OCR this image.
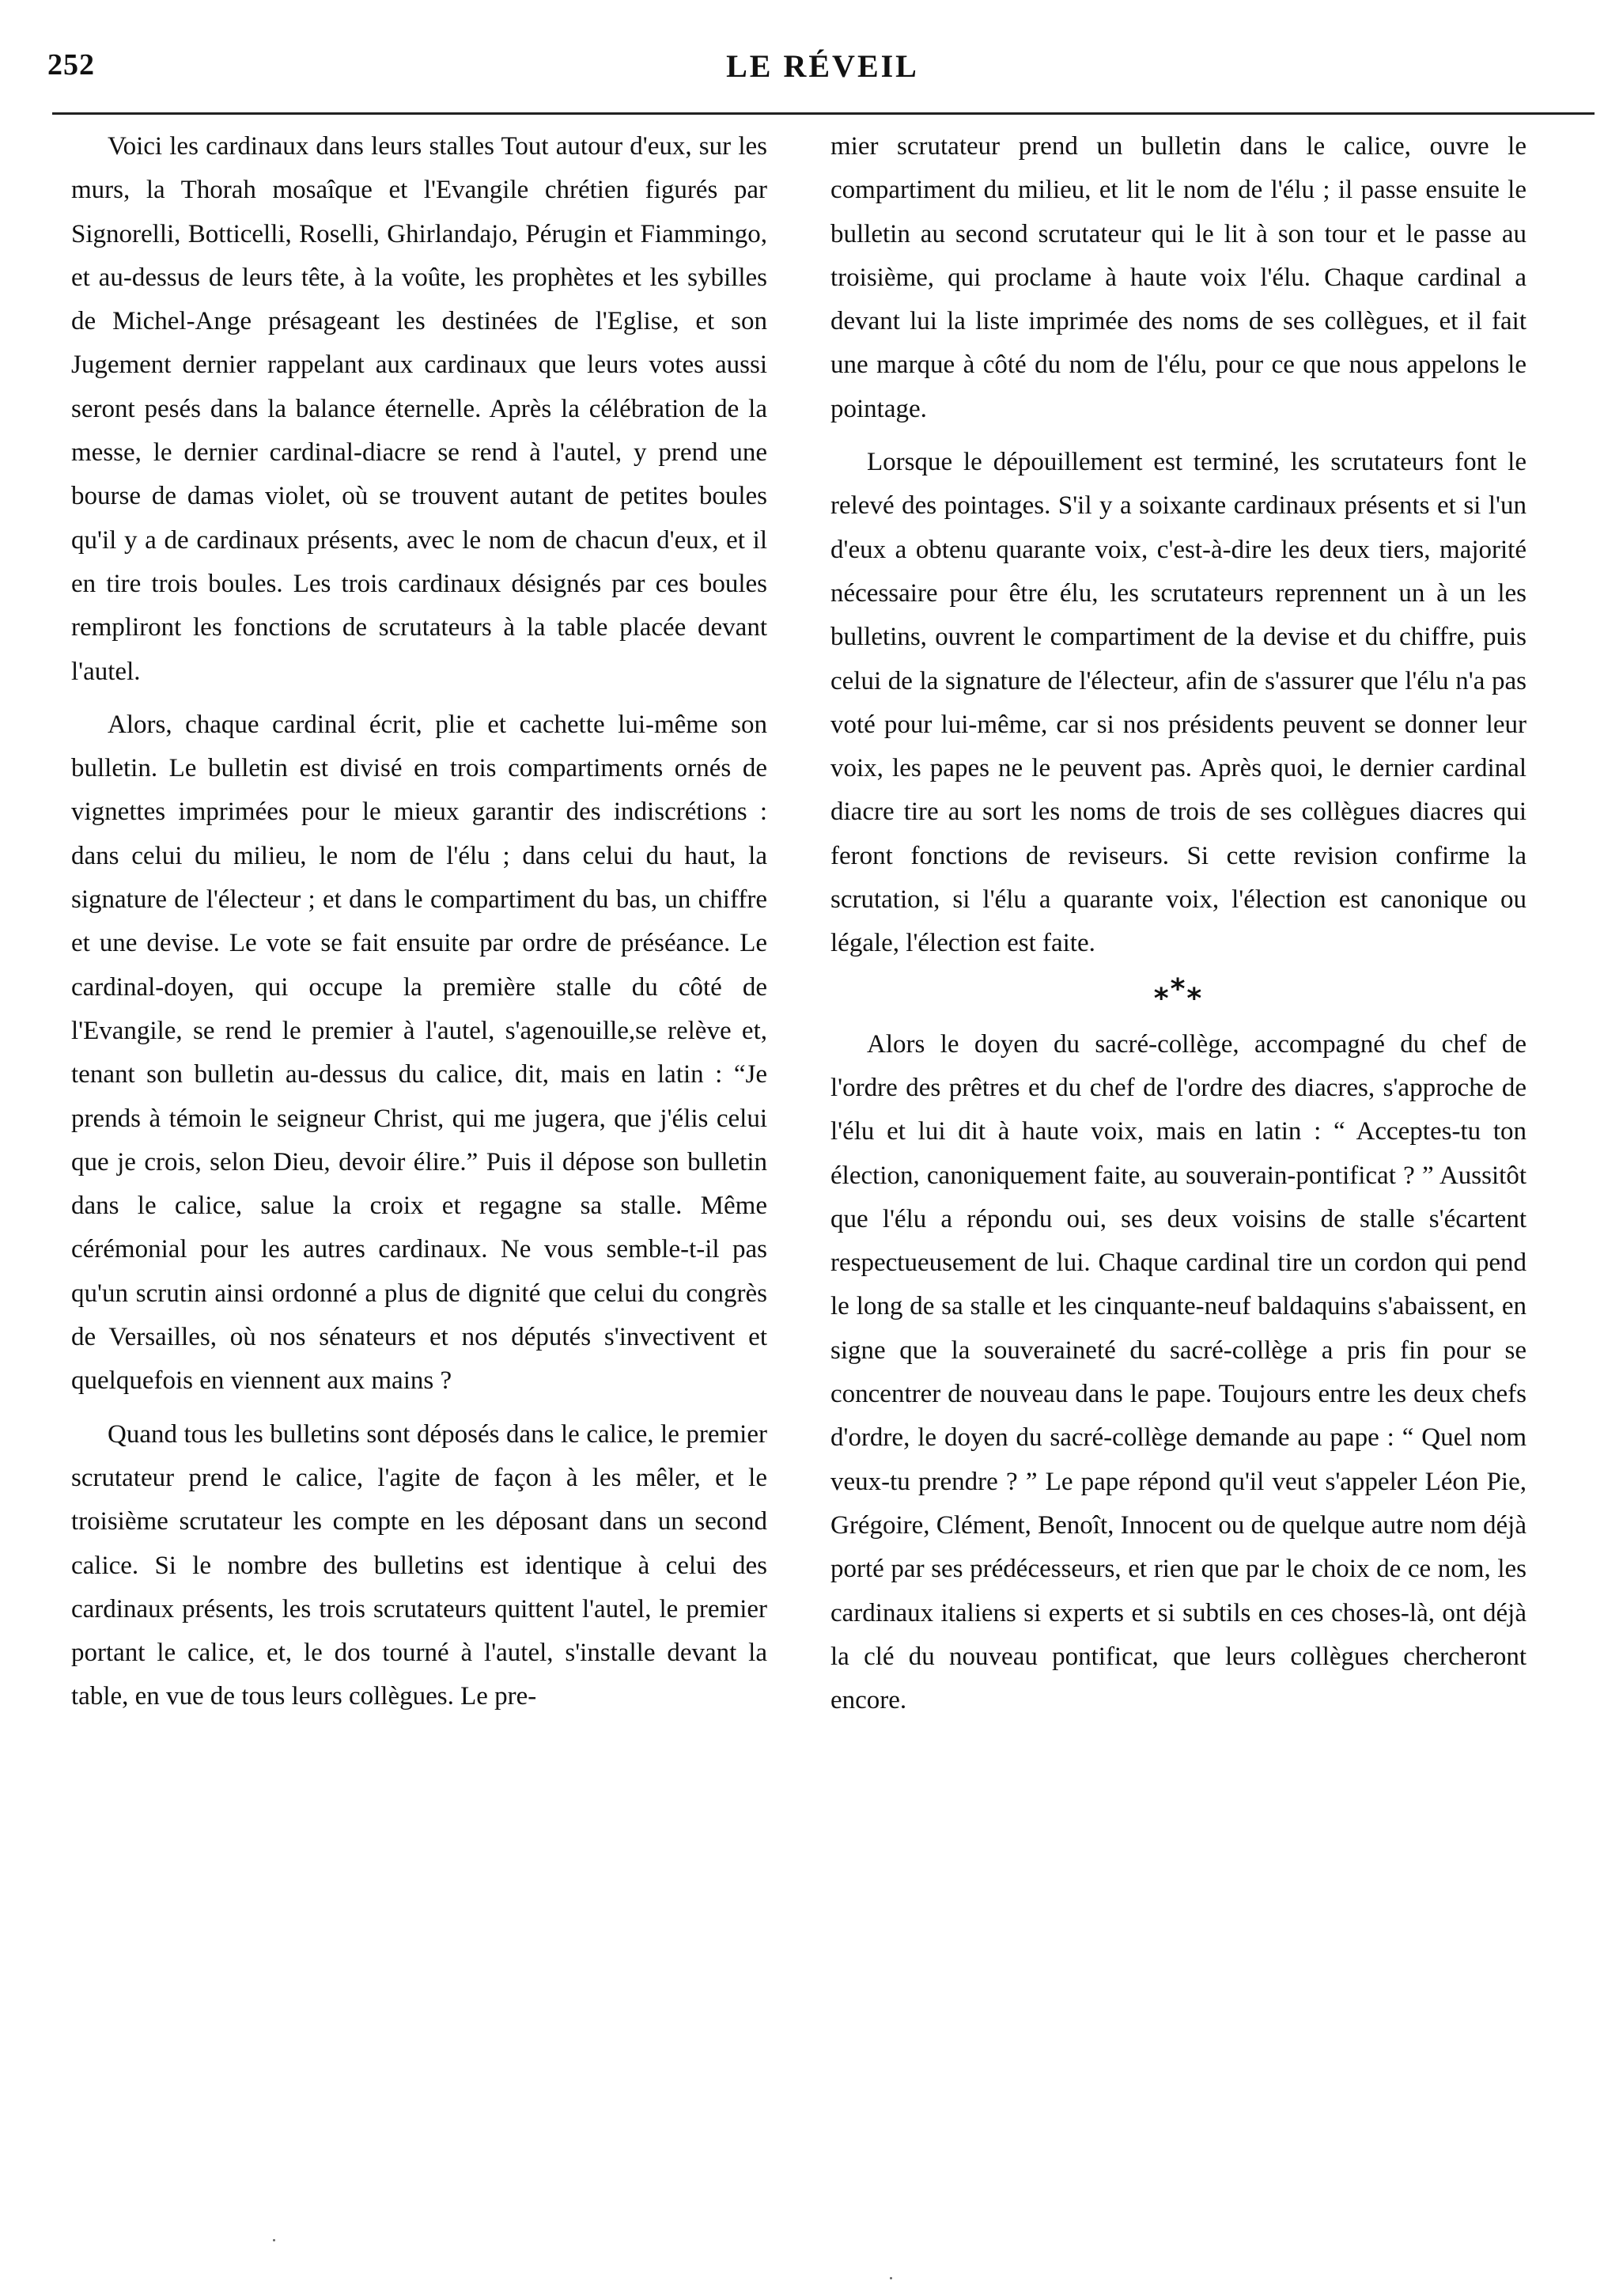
252	LE RÉVEIL

Voici les cardinaux dans leurs stalles Tout autour d'eux, sur les murs, la Thorah mosaîque et l'Evangile chrétien figurés par Signorelli, Botticelli, Roselli, Ghirlandajo, Pérugin et Fiammingo, et au-dessus de leurs tête, à la voûte, les prophètes et les sybilles de Michel-Ange présageant les destinées de l'Eglise, et son Jugement dernier rappelant aux cardinaux que leurs votes aussi seront pesés dans la balance éternelle. Après la célébration de la messe, le dernier cardinal-diacre se rend à l'autel, y prend une bourse de damas violet, où se trouvent autant de petites boules qu'il y a de cardinaux présents, avec le nom de chacun d'eux, et il en tire trois boules. Les trois cardinaux désignés par ces boules rempliront les fonctions de scrutateurs à la table placée devant l'autel.

Alors, chaque cardinal écrit, plie et cachette lui-même son bulletin. Le bulletin est divisé en trois compartiments ornés de vignettes imprimées pour le mieux garantir des indiscrétions : dans celui du milieu, le nom de l'élu ; dans celui du haut, la signature de l'électeur ; et dans le compartiment du bas, un chiffre et une devise. Le vote se fait ensuite par ordre de préséance. Le cardinal-doyen, qui occupe la première stalle du côté de l'Evangile, se rend le premier à l'autel, s'agenouille,se relève et, tenant son bulletin au-dessus du calice, dit, mais en latin : “Je prends à témoin le seigneur Christ, qui me jugera, que j'élis celui que je crois, selon Dieu, devoir élire.” Puis il dépose son bulletin dans le calice, salue la croix et regagne sa stalle. Même cérémonial pour les autres cardinaux. Ne vous semble-t-il pas qu'un scrutin ainsi ordonné a plus de dignité que celui du congrès de Versailles, où nos sénateurs et nos députés s'invectivent et quelquefois en viennent aux mains ?

Quand tous les bulletins sont déposés dans le calice, le premier scrutateur prend le calice, l'agite de façon à les mêler, et le troisième scrutateur les compte en les déposant dans un second calice. Si le nombre des bulletins est identique à celui des cardinaux présents, les trois scrutateurs quittent l'autel, le premier portant le calice, et, le dos tourné à l'autel, s'installe devant la table, en vue de tous leurs collègues. Le pre-

mier scrutateur prend un bulletin dans le calice, ouvre le compartiment du milieu, et lit le nom de l'élu ; il passe ensuite le bulletin au second scrutateur qui le lit à son tour et le passe au troisième, qui proclame à haute voix l'élu. Chaque cardinal a devant lui la liste imprimée des noms de ses collègues, et il fait une marque à côté du nom de l'élu, pour ce que nous appelons le pointage.

Lorsque le dépouillement est terminé, les scrutateurs font le relevé des pointages. S'il y a soixante cardinaux présents et si l'un d'eux a obtenu quarante voix, c'est-à-dire les deux tiers, majorité nécessaire pour être élu, les scrutateurs reprennent un à un les bulletins, ouvrent le compartiment de la devise et du chiffre, puis celui de la signature de l'électeur, afin de s'assurer que l'élu n'a pas voté pour lui-même, car si nos présidents peuvent se donner leur voix, les papes ne le peuvent pas. Après quoi, le dernier cardinal diacre tire au sort les noms de trois de ses collègues diacres qui feront fonctions de reviseurs. Si cette revision confirme la scrutation, si l'élu a quarante voix, l'élection est canonique ou légale, l'élection est faite.

***

Alors le doyen du sacré-collège, accompagné du chef de l'ordre des prêtres et du chef de l'ordre des diacres, s'approche de l'élu et lui dit à haute voix, mais en latin : “ Acceptes-tu ton élection, canoniquement faite, au souverain-pontificat ? ” Aussitôt que l'élu a répondu oui, ses deux voisins de stalle s'écartent respectueusement de lui. Chaque cardinal tire un cordon qui pend le long de sa stalle et les cinquante-neuf baldaquins s'abaissent, en signe que la souveraineté du sacré-collège a pris fin pour se concentrer de nouveau dans le pape. Toujours entre les deux chefs d'ordre, le doyen du sacré-collège demande au pape : “ Quel nom veux-tu prendre ? ” Le pape répond qu'il veut s'appeler Léon Pie, Grégoire, Clément, Benoît, Innocent ou de quelque autre nom déjà porté par ses prédécesseurs, et rien que par le choix de ce nom, les cardinaux italiens si experts et si subtils en ces choses-là, ont déjà la clé du nouveau pontificat, que leurs collègues chercheront encore.
